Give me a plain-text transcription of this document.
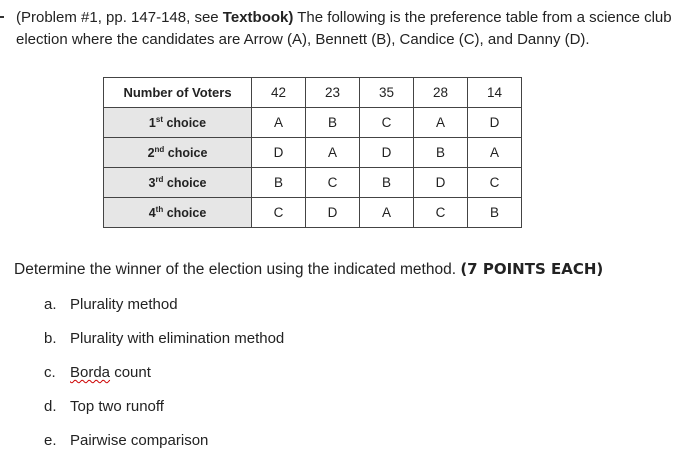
(Problem #1, pp. 147-148, see Textbook) The following is the preference table from a science club election where the candidates are Arrow (A), Bennett (B), Candice (C), and Danny (D).
Number of Voters	42	23	35	28	14
1st choice	A	B	C	A	D
2nd choice	D	A	D	B	A
3rd choice	B	C	B	D	C
4th choice	C	D	A	C	B
Determine the winner of the election using the indicated method. (7 POINTS EACH)
a. Plurality method
b. Plurality with elimination method
c. Borda count
d. Top two runoff
e. Pairwise comparison
